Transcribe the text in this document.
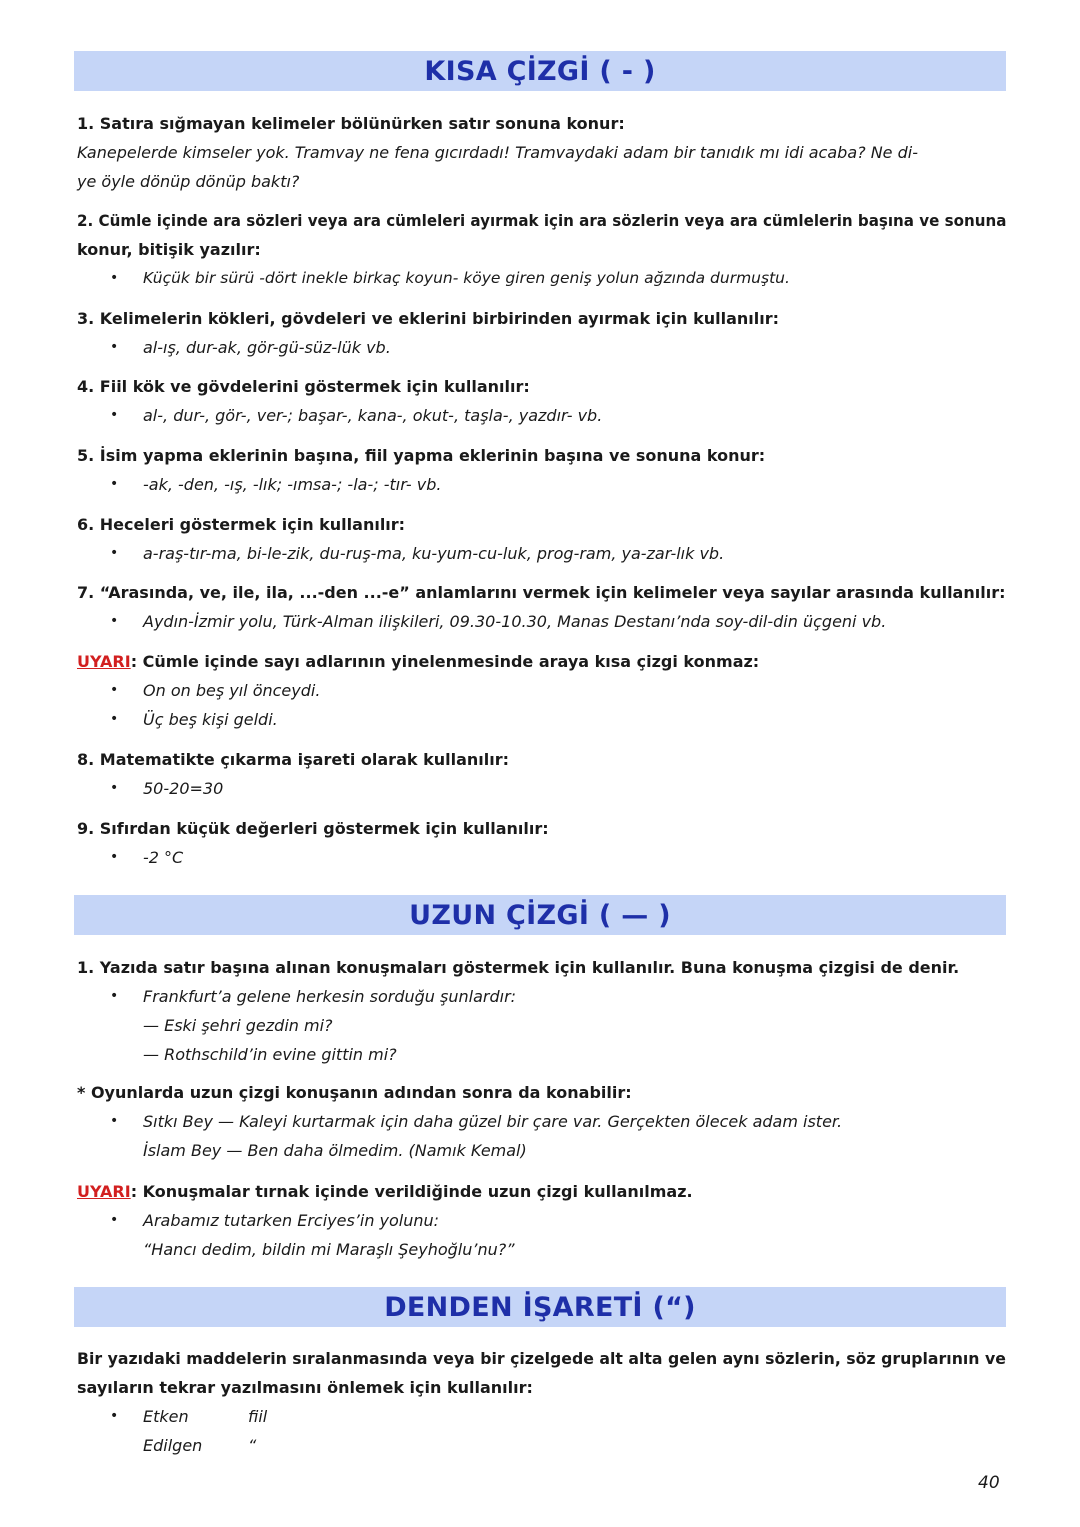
KISA ÇİZGİ ( - )
1. Satıra sığmayan kelimeler bölünürken satır sonuna konur:
Kanepelerde kimseler yok. Tramvay ne fena gıcırdadı! Tramvaydaki adam bir tanıdık mı idi acaba? Ne di-
ye öyle dönüp dönüp baktı?
2. Cümle içinde ara sözleri veya ara cümleleri ayırmak için ara sözlerin veya ara cümlelerin başına ve sonuna
konur, bitişik yazılır:
• Küçük bir sürü -dört inekle birkaç koyun- köye giren geniş yolun ağzında durmuştu.
3. Kelimelerin kökleri, gövdeleri ve eklerini birbirinden ayırmak için kullanılır:
• al-ış, dur-ak, gör-gü-süz-lük vb.
4. Fiil kök ve gövdelerini göstermek için kullanılır:
• al-, dur-, gör-, ver-; başar-, kana-, okut-, taşla-, yazdır- vb.
5. İsim yapma eklerinin başına, fiil yapma eklerinin başına ve sonuna konur:
• -ak, -den, -ış, -lık; -ımsa-; -la-; -tır- vb.
6. Heceleri göstermek için kullanılır:
• a-raş-tır-ma, bi-le-zik, du-ruş-ma, ku-yum-cu-luk, prog-ram, ya-zar-lık vb.
7. “Arasında, ve, ile, ila, ...-den ...-e” anlamlarını vermek için kelimeler veya sayılar arasında kullanılır:
• Aydın-İzmir yolu, Türk-Alman ilişkileri, 09.30-10.30, Manas Destanı’nda soy-dil-din üçgeni vb.
UYARI: Cümle içinde sayı adlarının yinelenmesinde araya kısa çizgi konmaz:
• On on beş yıl önceydi.
• Üç beş kişi geldi.
8. Matematikte çıkarma işareti olarak kullanılır:
• 50-20=30
9. Sıfırdan küçük değerleri göstermek için kullanılır:
• -2 °C
UZUN ÇİZGİ ( — )
1. Yazıda satır başına alınan konuşmaları göstermek için kullanılır. Buna konuşma çizgisi de denir.
• Frankfurt’a gelene herkesin sorduğu şunlardır:
— Eski şehri gezdin mi?
— Rothschild’in evine gittin mi?
* Oyunlarda uzun çizgi konuşanın adından sonra da konabilir:
• Sıtkı Bey — Kaleyi kurtarmak için daha güzel bir çare var. Gerçekten ölecek adam ister.
İslam Bey — Ben daha ölmedim. (Namık Kemal)
UYARI: Konuşmalar tırnak içinde verildiğinde uzun çizgi kullanılmaz.
• Arabamız tutarken Erciyes’in yolunu:
“Hancı dedim, bildin mi Maraşlı Şeyhoğlu’nu?”
DENDEN İŞARETİ (“)
Bir yazıdaki maddelerin sıralanmasında veya bir çizelgede alt alta gelen aynı sözlerin, söz gruplarının ve
sayıların tekrar yazılmasını önlemek için kullanılır:
• Etken	fiil
Edilgen	“
40
